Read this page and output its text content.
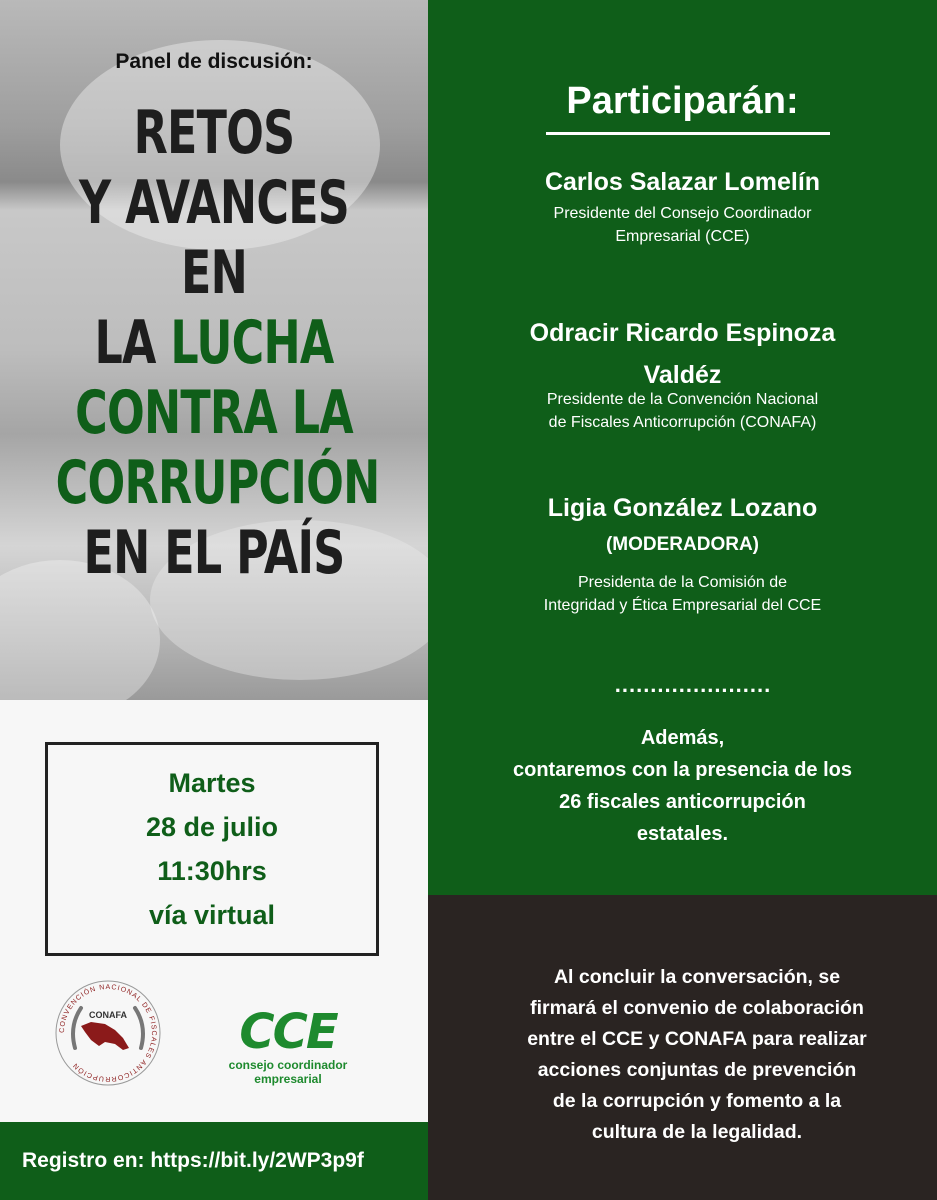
Panel de discusión:
RETOS
Y AVANCES EN
LA LUCHA
CONTRA LA
CORRUPCIÓN
EN EL PAÍS
Martes
28 de julio
11:30hrs
vía virtual
CONVENCIÓN NACIONAL DE FISCALES ANTICORRUPCIÓN
CONAFA	CCE
consejo coordinador empresarial
Registro en: https://bit.ly/2WP3p9f
Participarán:
Carlos Salazar Lomelín
Presidente del Consejo Coordinador
Empresarial (CCE)
Odracir Ricardo Espinoza
Valdéz
Presidente de la Convención Nacional
de Fiscales Anticorrupción (CONAFA)
Ligia González Lozano
(MODERADORA)
Presidenta de la Comisión de
Integridad y Ética Empresarial del CCE
......................
Además,
contaremos con la presencia de los
26 fiscales anticorrupción
estatales.
Al concluir la conversación, se
firmará el convenio de colaboración
entre el CCE y CONAFA para realizar
acciones conjuntas de prevención
de la corrupción y fomento a la
cultura de la legalidad.
